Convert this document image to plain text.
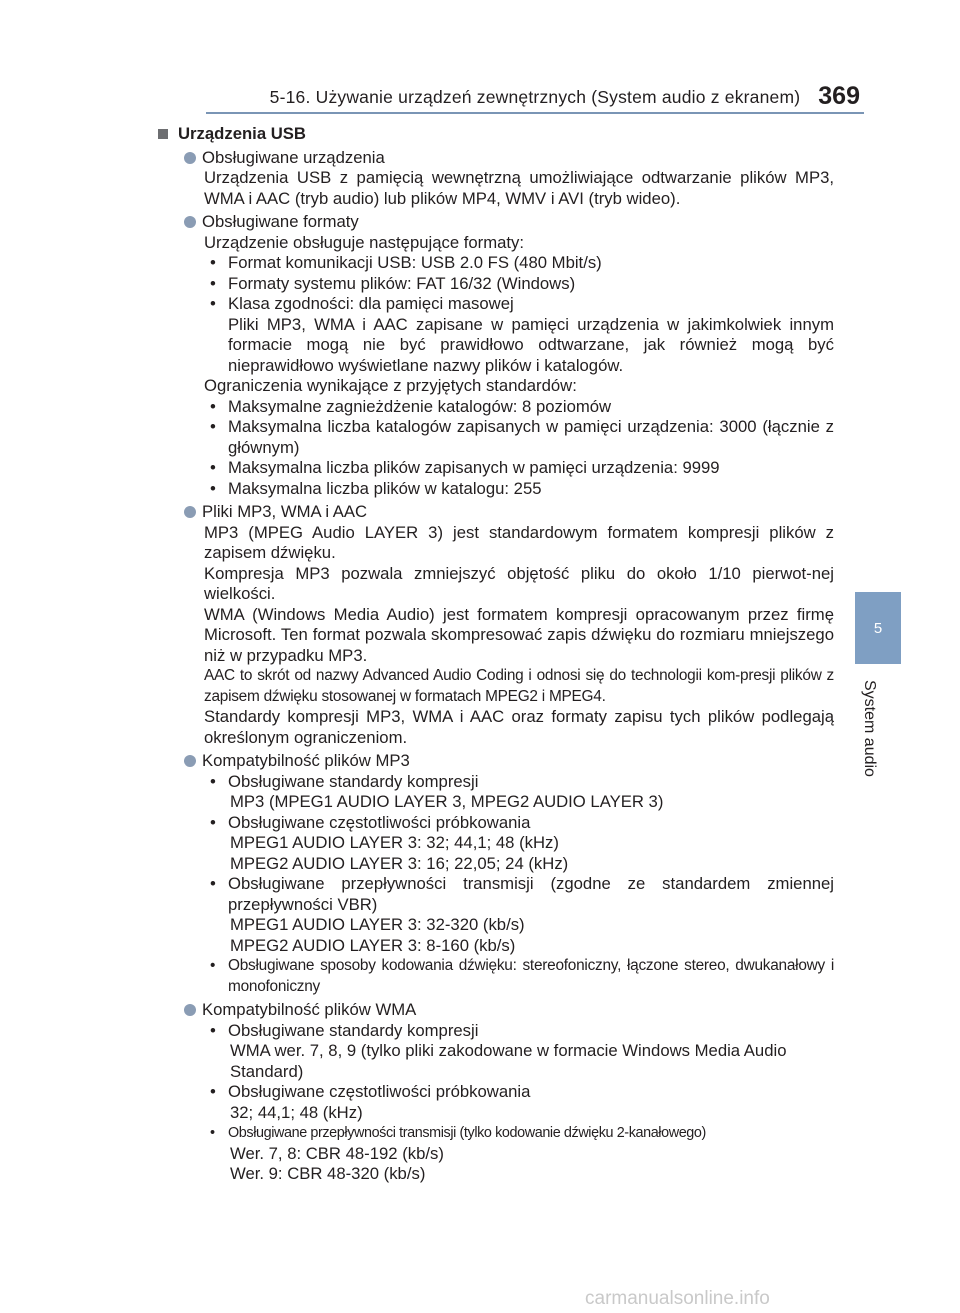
5-16. Używanie urządzeń zewnętrznych (System audio z ekranem) 369
5
System audio
Urządzenia USB
Obsługiwane urządzenia
Urządzenia USB z pamięcią wewnętrzną umożliwiające odtwarzanie plików MP3, WMA i AAC (tryb audio) lub plików MP4, WMV i AVI (tryb wideo).
Obsługiwane formaty
Urządzenie obsługuje następujące formaty:
• Format komunikacji USB: USB 2.0 FS (480 Mbit/s)
• Formaty systemu plików: FAT 16/32 (Windows)
• Klasa zgodności: dla pamięci masowej
Pliki MP3, WMA i AAC zapisane w pamięci urządzenia w jakimkolwiek innym formacie mogą nie być prawidłowo odtwarzane, jak również mogą być nieprawidłowo wyświetlane nazwy plików i katalogów.
Ograniczenia wynikające z przyjętych standardów:
• Maksymalne zagnieżdżenie katalogów: 8 poziomów
• Maksymalna liczba katalogów zapisanych w pamięci urządzenia: 3000 (łącznie z głównym)
• Maksymalna liczba plików zapisanych w pamięci urządzenia: 9999
• Maksymalna liczba plików w katalogu: 255
Pliki MP3, WMA i AAC
MP3 (MPEG Audio LAYER 3) jest standardowym formatem kompresji plików z zapisem dźwięku.
Kompresja MP3 pozwala zmniejszyć objętość pliku do około 1/10 pierwot-nej wielkości.
WMA (Windows Media Audio) jest formatem kompresji opracowanym przez firmę Microsoft. Ten format pozwala skompresować zapis dźwięku do rozmiaru mniejszego niż w przypadku MP3.
AAC to skrót od nazwy Advanced Audio Coding i odnosi się do technologii kom-presji plików z zapisem dźwięku stosowanej w formatach MPEG2 i MPEG4.
Standardy kompresji MP3, WMA i AAC oraz formaty zapisu tych plików podlegają określonym ograniczeniom.
Kompatybilność plików MP3
• Obsługiwane standardy kompresji
MP3 (MPEG1 AUDIO LAYER 3, MPEG2 AUDIO LAYER 3)
• Obsługiwane częstotliwości próbkowania
MPEG1 AUDIO LAYER 3: 32; 44,1; 48 (kHz)
MPEG2 AUDIO LAYER 3: 16; 22,05; 24 (kHz)
• Obsługiwane przepływności transmisji (zgodne ze standardem zmiennej przepływności VBR)
MPEG1 AUDIO LAYER 3: 32-320 (kb/s)
MPEG2 AUDIO LAYER 3: 8-160 (kb/s)
• Obsługiwane sposoby kodowania dźwięku: stereofoniczny, łączone stereo, dwukanałowy i monofoniczny
Kompatybilność plików WMA
• Obsługiwane standardy kompresji
WMA wer. 7, 8, 9 (tylko pliki zakodowane w formacie Windows Media Audio Standard)
• Obsługiwane częstotliwości próbkowania
32; 44,1; 48 (kHz)
• Obsługiwane przepływności transmisji (tylko kodowanie dźwięku 2-kanałowego)
Wer. 7, 8: CBR 48-192 (kb/s)
Wer. 9: CBR 48-320 (kb/s)
carmanualsonline.info
